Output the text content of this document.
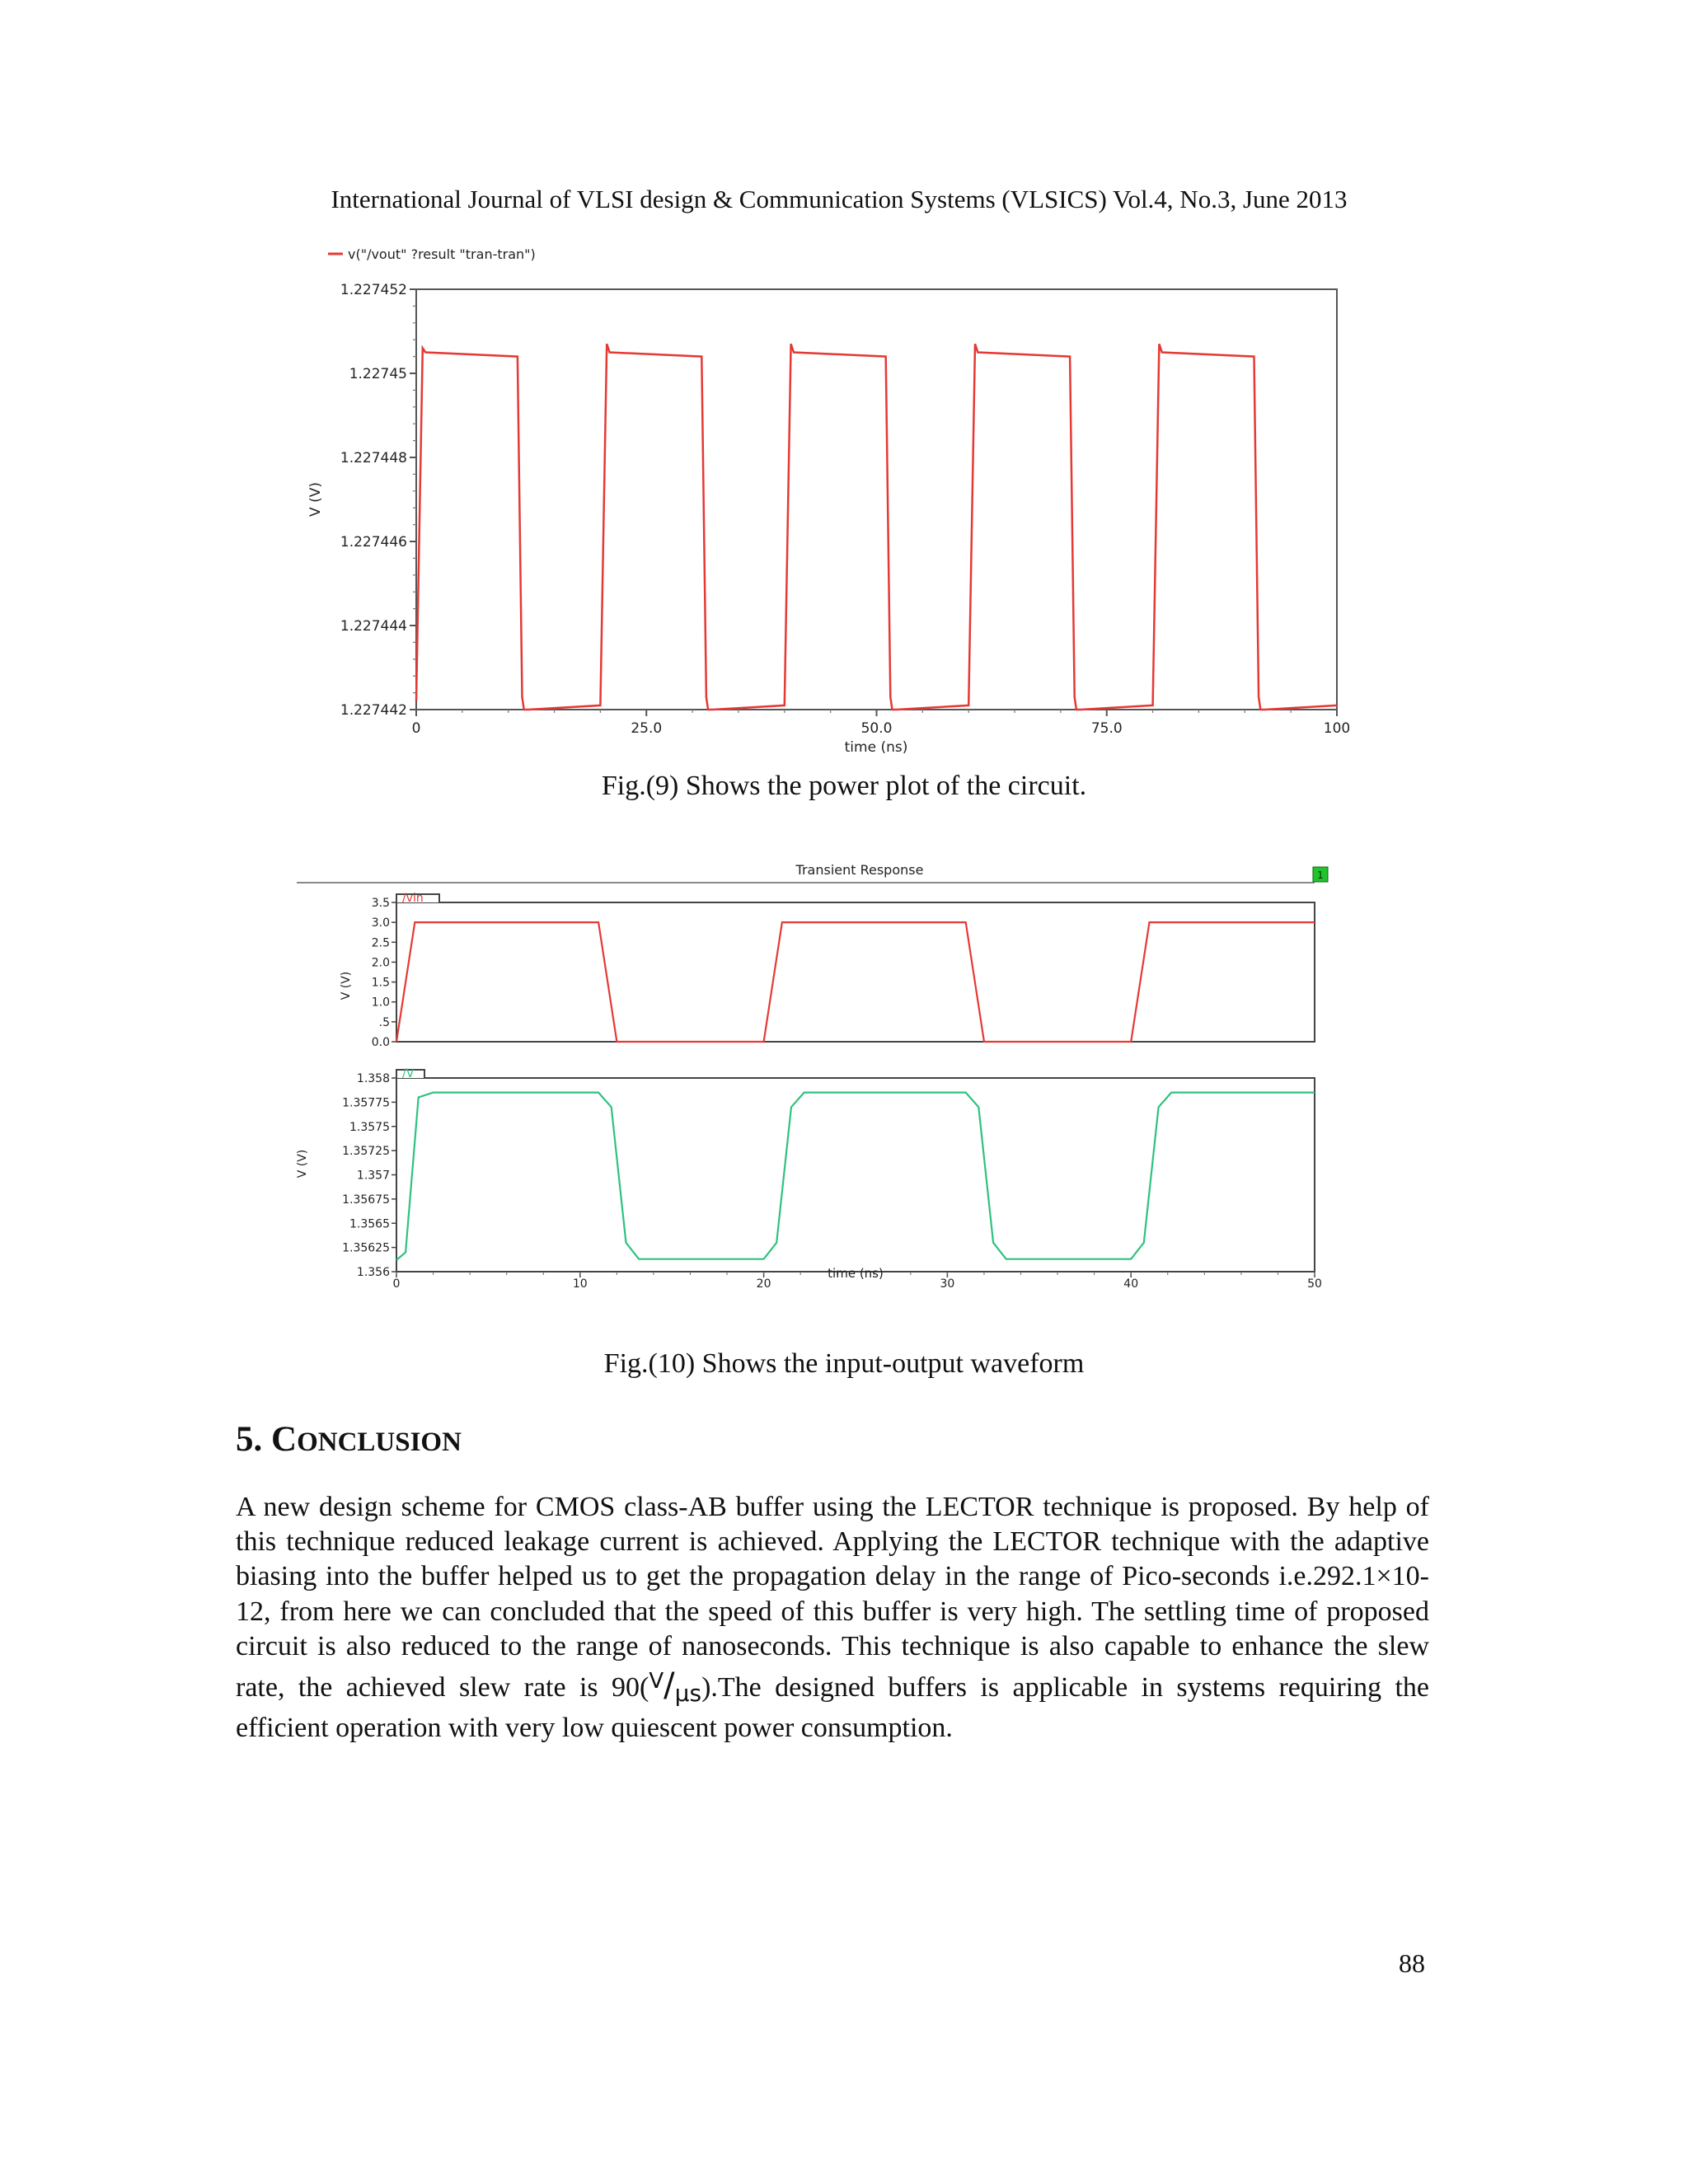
International Journal of VLSI design & Communication Systems (VLSICS) Vol.4, No.3, June 2013
v("/vout" ?result "tran-tran")
1.227452
1.22745
1.227448
1.227446
1.227444
1.227442
0	25.0	50.0	75.0	100
V (V)
time (ns)
Fig.(9) Shows the power plot of the circuit.
Transient Response	1
/vin
3.5
3.0
2.5
2.0
1.5
1.0
.5
0.0
V (V)
/V
1.358
1.35775
1.3575
1.35725
1.357
1.35675
1.3565
1.35625
1.356
0	10	20	30	40	50
V (V)
time (ns)
Fig.(10) Shows the input-output waveform
5. CONCLUSION

A new design scheme for CMOS class-AB buffer using the LECTOR technique is proposed. By help of this technique reduced leakage current is achieved. Applying the LECTOR technique with the adaptive biasing into the buffer helped us to get the propagation delay in the range of Pico-seconds i.e.292.1×10-12, from here we can concluded that the speed of this buffer is very high. The settling time of proposed circuit is also reduced to the range of nanoseconds. This technique is also capable to enhance the slew rate, the achieved slew rate is 90($^V$/μs).The designed buffers is applicable in systems requiring the efficient operation with very low quiescent power consumption.

88
